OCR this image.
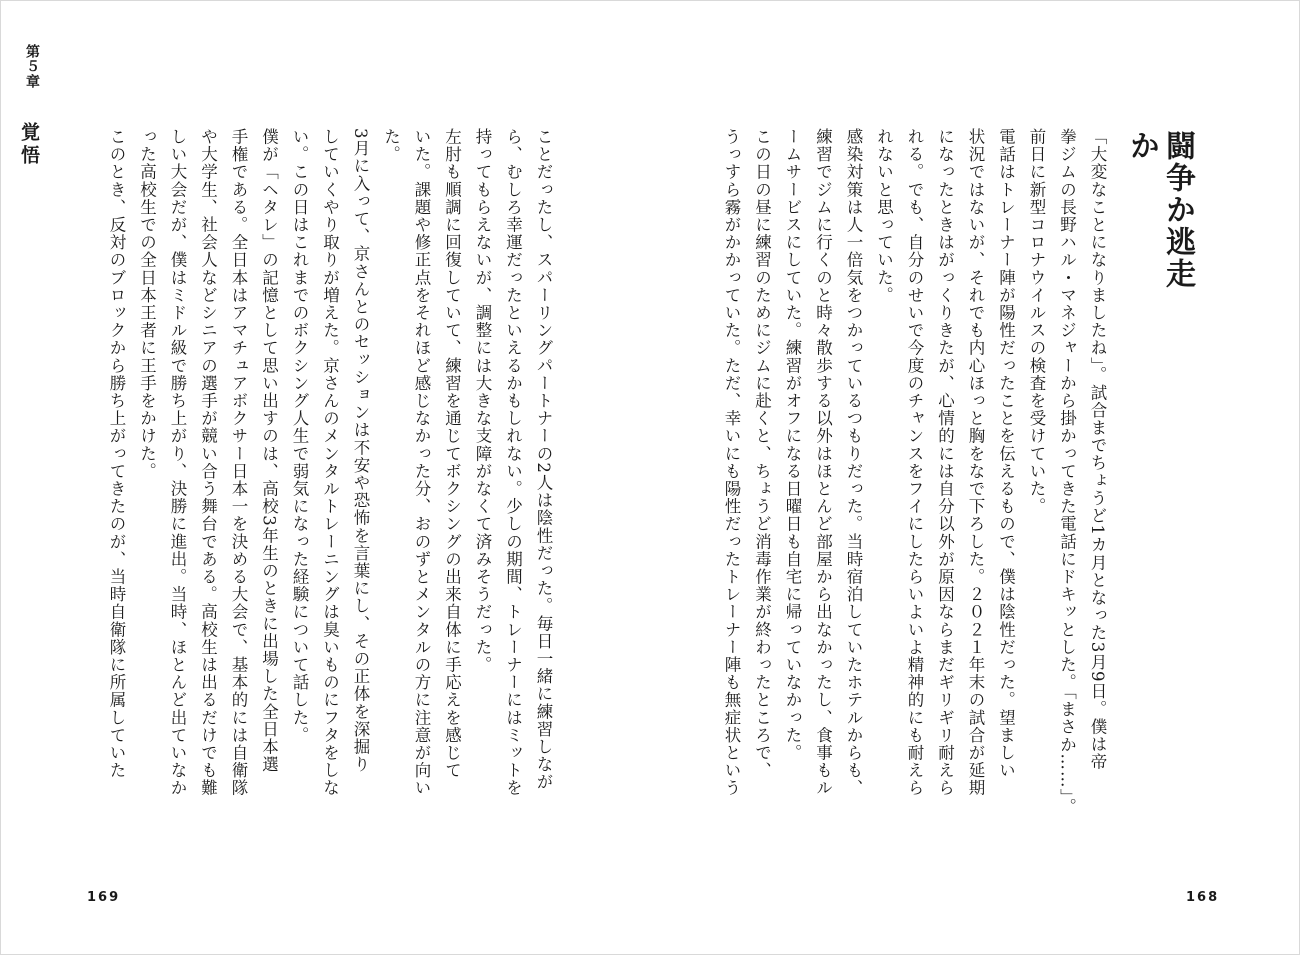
第５章
覚悟	ことだったし、スパーリングパートナーの2人は陰性だった。毎日一緒に練習しなが
ら、むしろ幸運だったといえるかもしれない。少しの期間、トレーナーにはミットを
持ってもらえないが、調整には大きな支障がなくて済みそうだった。
左肘も順調に回復していて、練習を通じてボクシングの出来自体に手応えを感じて
いた。課題や修正点をそれほど感じなかった分、おのずとメンタルの方に注意が向い
た。
3月に入って、京さんとのセッションは不安や恐怖を言葉にし、その正体を深掘り
していくやり取りが増えた。京さんのメンタルトレーニングは臭いものにフタをしな
い。この日はこれまでのボクシング人生で弱気になった経験について話した。
僕が「ヘタレ」の記憶として思い出すのは、高校3年生のときに出場した全日本選
手権である。全日本はアマチュアボクサー日本一を決める大会で、基本的には自衛隊
や大学生、社会人などシニアの選手が競い合う舞台である。高校生は出るだけでも難
しい大会だが、僕はミドル級で勝ち上がり、決勝に進出。当時、ほとんど出ていなか
った高校生での全日本王者に王手をかけた。
このとき、反対のブロックから勝ち上がってきたのが、当時自衛隊に所属していた
169
闘争か逃走か
「大変なことになりましたね」。試合までちょうど1カ月となった3月9日。僕は帝
拳ジムの長野ハル・マネジャーから掛かってきた電話にドキッとした。「まさか……」。
前日に新型コロナウイルスの検査を受けていた。
電話はトレーナー陣が陽性だったことを伝えるもので、僕は陰性だった。望ましい
状況ではないが、それでも内心ほっと胸をなで下ろした。２０２１年末の試合が延期
になったときはがっくりきたが、心情的には自分以外が原因ならまだギリギリ耐えら
れる。でも、自分のせいで今度のチャンスをフイにしたらいよいよ精神的にも耐えら
れないと思っていた。
感染対策は人一倍気をつかっているつもりだった。当時宿泊していたホテルからも、
練習でジムに行くのと時々散歩する以外はほとんど部屋から出なかったし、食事もル
ームサービスにしていた。練習がオフになる日曜日も自宅に帰っていなかった。
この日の昼に練習のためにジムに赴くと、ちょうど消毒作業が終わったところで、
うっすら霧がかかっていた。ただ、幸いにも陽性だったトレーナー陣も無症状という
168
